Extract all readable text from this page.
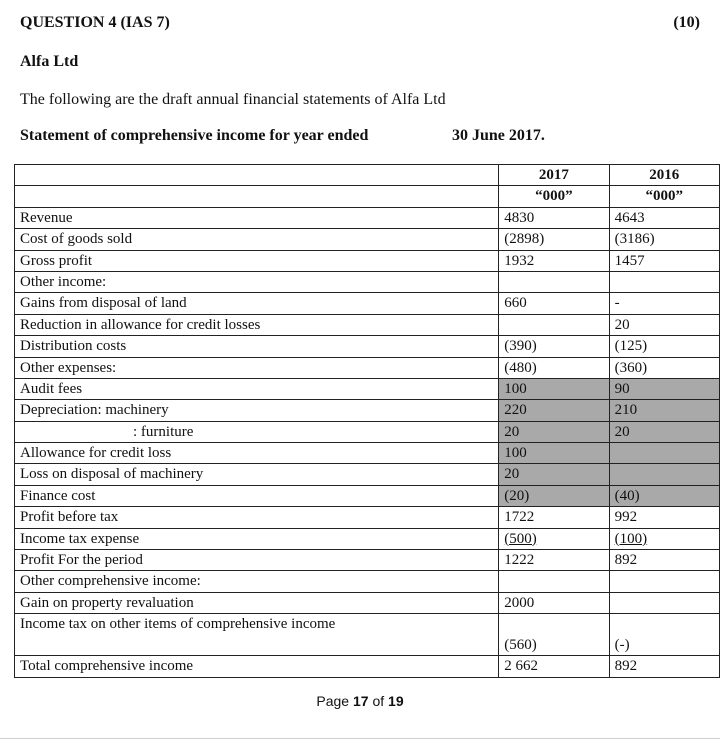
QUESTION 4 (IAS 7)	(10)
Alfa Ltd
The following are the draft annual financial statements of Alfa Ltd
Statement of comprehensive income for year ended	30 June 2017.
	2017	2016
	“000”	“000”
Revenue	4830	4643
Cost of goods sold	(2898)	(3186)
Gross profit	1932	1457
Other income:		
Gains from disposal of land	660	-
Reduction in allowance for credit losses		20
Distribution costs	(390)	(125)
Other expenses:	(480)	(360)
Audit fees	100	90
Depreciation: machinery	220	210
: furniture	20	20
Allowance for credit loss	100	
Loss on disposal of machinery	20	
Finance cost	(20)	(40)
Profit before tax	1722	992
Income tax expense	(500)	(100)
Profit For the period	1222	892
Other comprehensive income:		
Gain on property revaluation	2000	
Income tax on other items of comprehensive income	(560)	(-)
Total comprehensive income	2 662	892
Page 17 of 19
